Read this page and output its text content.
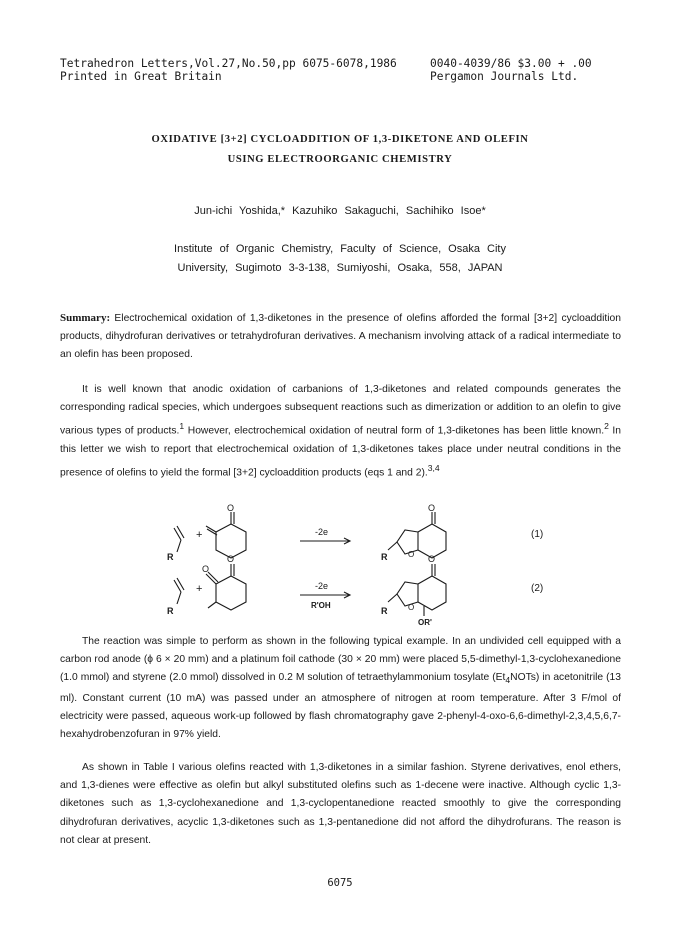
Tetrahedron Letters,Vol.27,No.50,pp 6075-6078,1986
Printed in Great Britain
0040-4039/86 $3.00 + .00
Pergamon Journals Ltd.
OXIDATIVE [3+2] CYCLOADDITION OF 1,3-DIKETONE AND OLEFIN
USING ELECTROORGANIC CHEMISTRY
Jun-ichi Yoshida,* Kazuhiko Sakaguchi, Sachihiko Isoe*
Institute of Organic Chemistry, Faculty of Science, Osaka City
University, Sugimoto 3-3-138, Sumiyoshi, Osaka, 558, JAPAN
Summary: Electrochemical oxidation of 1,3-diketones in the presence of olefins afforded the formal [3+2] cycloaddition products, dihydrofuran derivatives or tetrahydrofuran derivatives. A mechanism involving attack of a radical intermediate to an olefin has been proposed.
It is well known that anodic oxidation of carbanions of 1,3-diketones and related compounds generates the corresponding radical species, which undergoes subsequent reactions such as dimerization or addition to an olefin to give various types of products.$^1$ However, electrochemical oxidation of neutral form of 1,3-diketones has been little known.$^2$ In this letter we wish to report that electrochemical oxidation of 1,3-diketones takes place under neutral conditions in the presence of olefins to yield the formal [3+2] cycloaddition products (eqs 1 and 2).$^{3,4}$
R
+
O
-2e
O
O
R
(1)
R
+
O
O
-2e
R'OH
O
O
R
OR'
(2)
The reaction was simple to perform as shown in the following typical example. In an undivided cell equipped with a carbon rod anode (ϕ 6 × 20 mm) and a platinum foil cathode (30 × 20 mm) were placed 5,5-dimethyl-1,3-cyclohexanedione (1.0 mmol) and styrene (2.0 mmol) dissolved in 0.2 M solution of tetraethylammonium tosylate $(Et_4NOTs)$ in acetonitrile (13 ml). Constant current (10 mA) was passed under an atmosphere of nitrogen at room temperature. After 3 F/mol of electricity were passed, aqueous work-up followed by flash chromatography gave 2-phenyl-4-oxo-6,6-dimethyl-2,3,4,5,6,7-hexahydrobenzofuran in 97% yield.
As shown in Table I various olefins reacted with 1,3-diketones in a similar fashion. Styrene derivatives, enol ethers, and 1,3-dienes were effective as olefin but alkyl substituted olefins such as 1-decene were inactive. Although cyclic 1,3-diketones such as 1,3-cyclohexanedione and 1,3-cyclopentanedione reacted smoothly to give the corresponding dihydrofuran derivatives, acyclic 1,3-diketones such as 1,3-pentanedione did not afford the dihydrofurans. The reason is not clear at present.
6075
